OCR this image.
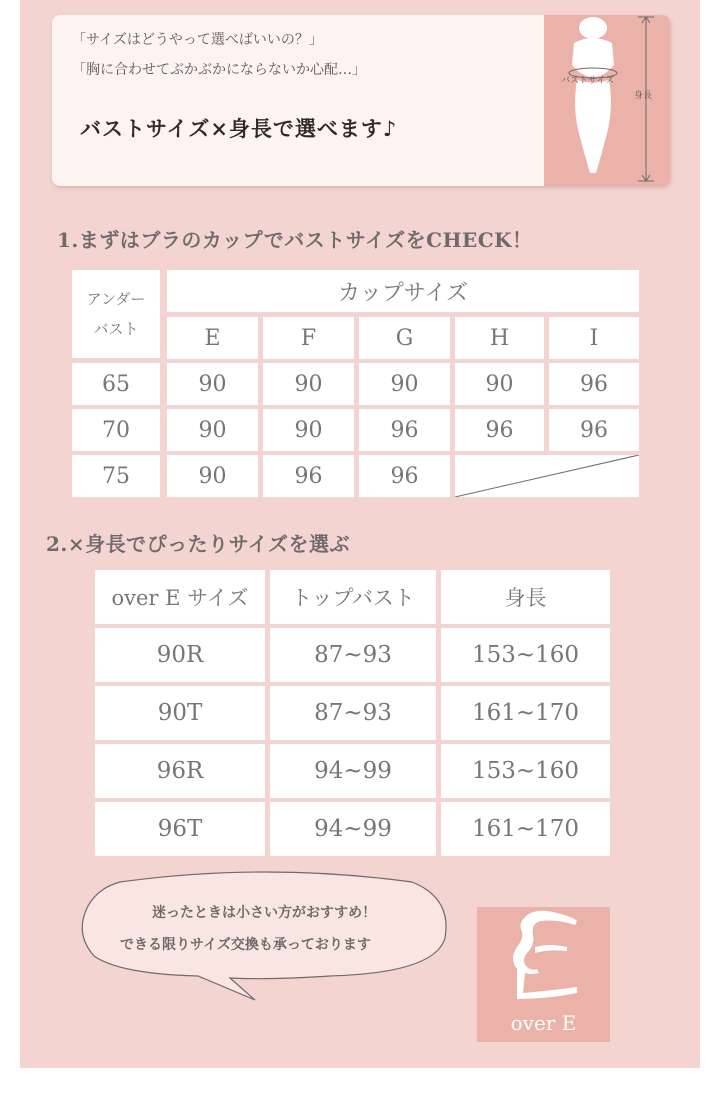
「サイズはどうやって選べばいいの？」
「胸に合わせてぶかぶかにならないか心配…」
バストサイズ×身長で選べます♪
バストサイズ
身長
1.まずはブラのカップでバストサイズをCHECK！
アンダー
バスト
カップサイズ
E	F	G	H	I
65	90	90	90	90	96
70	90	90	96	96	96
75	90	96	96
2.×身長でぴったりサイズを選ぶ
over E サイズ	トップバスト	身長
90R	87~93	153~160
90T	87~93	161~170
96R	94~99	153~160
96T	94~99	161~170
迷ったときは小さい方がおすすめ！
できる限りサイズ交換も承っております
over E
